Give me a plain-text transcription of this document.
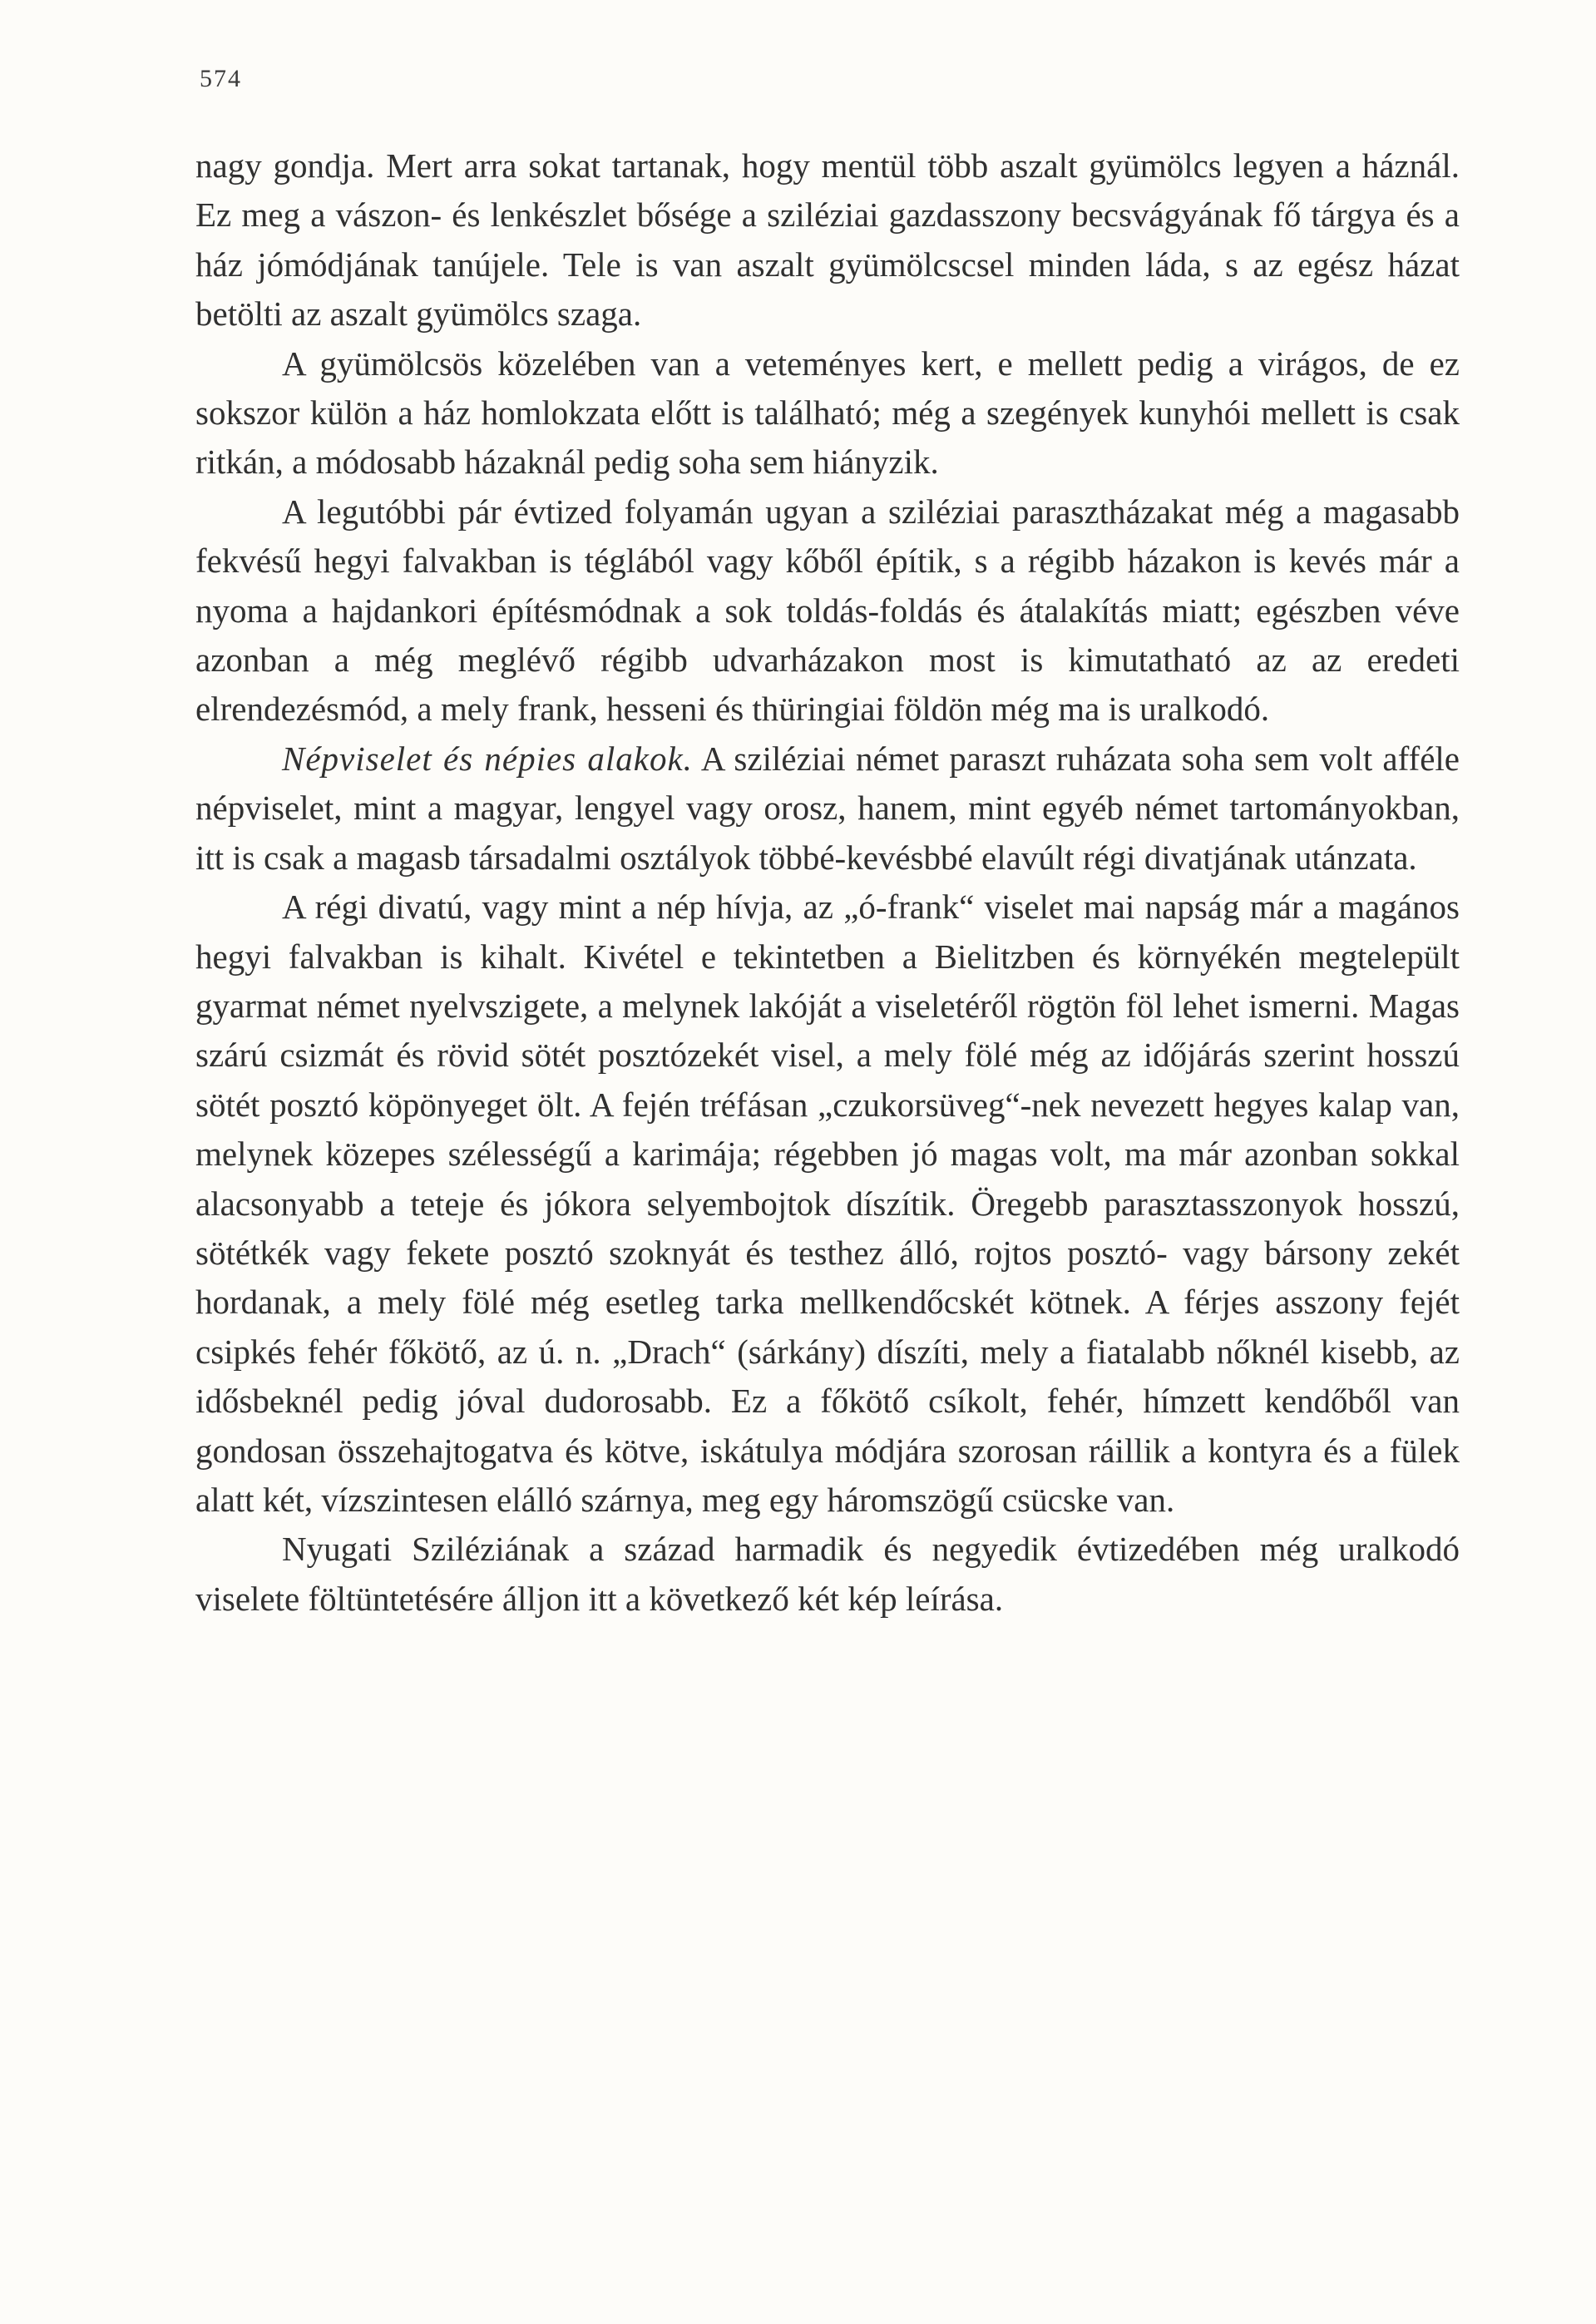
574

nagy gondja. Mert arra sokat tartanak, hogy mentül több aszalt gyümölcs legyen a háznál. Ez meg a vászon- és lenkészlet bősége a sziléziai gazdasszony becsvágyának fő tárgya és a ház jómódjának tanújele. Tele is van aszalt gyümölcscsel minden láda, s az egész házat betölti az aszalt gyümölcs szaga.

A gyümölcsös közelében van a veteményes kert, e mellett pedig a virágos, de ez sokszor külön a ház homlokzata előtt is található; még a szegények kunyhói mellett is csak ritkán, a módosabb házaknál pedig soha sem hiányzik.

A legutóbbi pár évtized folyamán ugyan a sziléziai parasztházakat még a magasabb fekvésű hegyi falvakban is téglából vagy kőből építik, s a régibb házakon is kevés már a nyoma a hajdankori építésmódnak a sok toldás-foldás és átalakítás miatt; egészben véve azonban a még meglévő régibb udvarházakon most is kimutatható az az eredeti elrendezésmód, a mely frank, hesseni és thüringiai földön még ma is uralkodó.

Népviselet és népies alakok. A sziléziai német paraszt ruházata soha sem volt afféle népviselet, mint a magyar, lengyel vagy orosz, hanem, mint egyéb német tartományokban, itt is csak a magasb társadalmi osztályok többé-kevésbbé elavúlt régi divatjának utánzata.

A régi divatú, vagy mint a nép hívja, az „ó-frank“ viselet mai napság már a magános hegyi falvakban is kihalt. Kivétel e tekintetben a Bielitzben és környékén megtelepült gyarmat német nyelvszigete, a melynek lakóját a viseletéről rögtön föl lehet ismerni. Magas szárú csizmát és rövid sötét posztózekét visel, a mely fölé még az időjárás szerint hosszú sötét posztó köpönyeget ölt. A fején tréfásan „czukorsüveg“-nek nevezett hegyes kalap van, melynek közepes szélességű a karimája; régebben jó magas volt, ma már azonban sokkal alacsonyabb a teteje és jókora selyembojtok díszítik. Öregebb parasztasszonyok hosszú, sötétkék vagy fekete posztó szoknyát és testhez álló, rojtos posztó- vagy bársony zekét hordanak, a mely fölé még esetleg tarka mellkendőcskét kötnek. A férjes asszony fejét csipkés fehér főkötő, az ú. n. „Drach“ (sárkány) díszíti, mely a fiatalabb nőknél kisebb, az idősbeknél pedig jóval dudorosabb. Ez a főkötő csíkolt, fehér, hímzett kendőből van gondosan összehajtogatva és kötve, iskátulya módjára szorosan ráillik a kontyra és a fülek alatt két, vízszintesen elálló szárnya, meg egy háromszögű csücske van.

Nyugati Sziléziának a század harmadik és negyedik évtizedében még uralkodó viselete föltüntetésére álljon itt a következő két kép leírása.
